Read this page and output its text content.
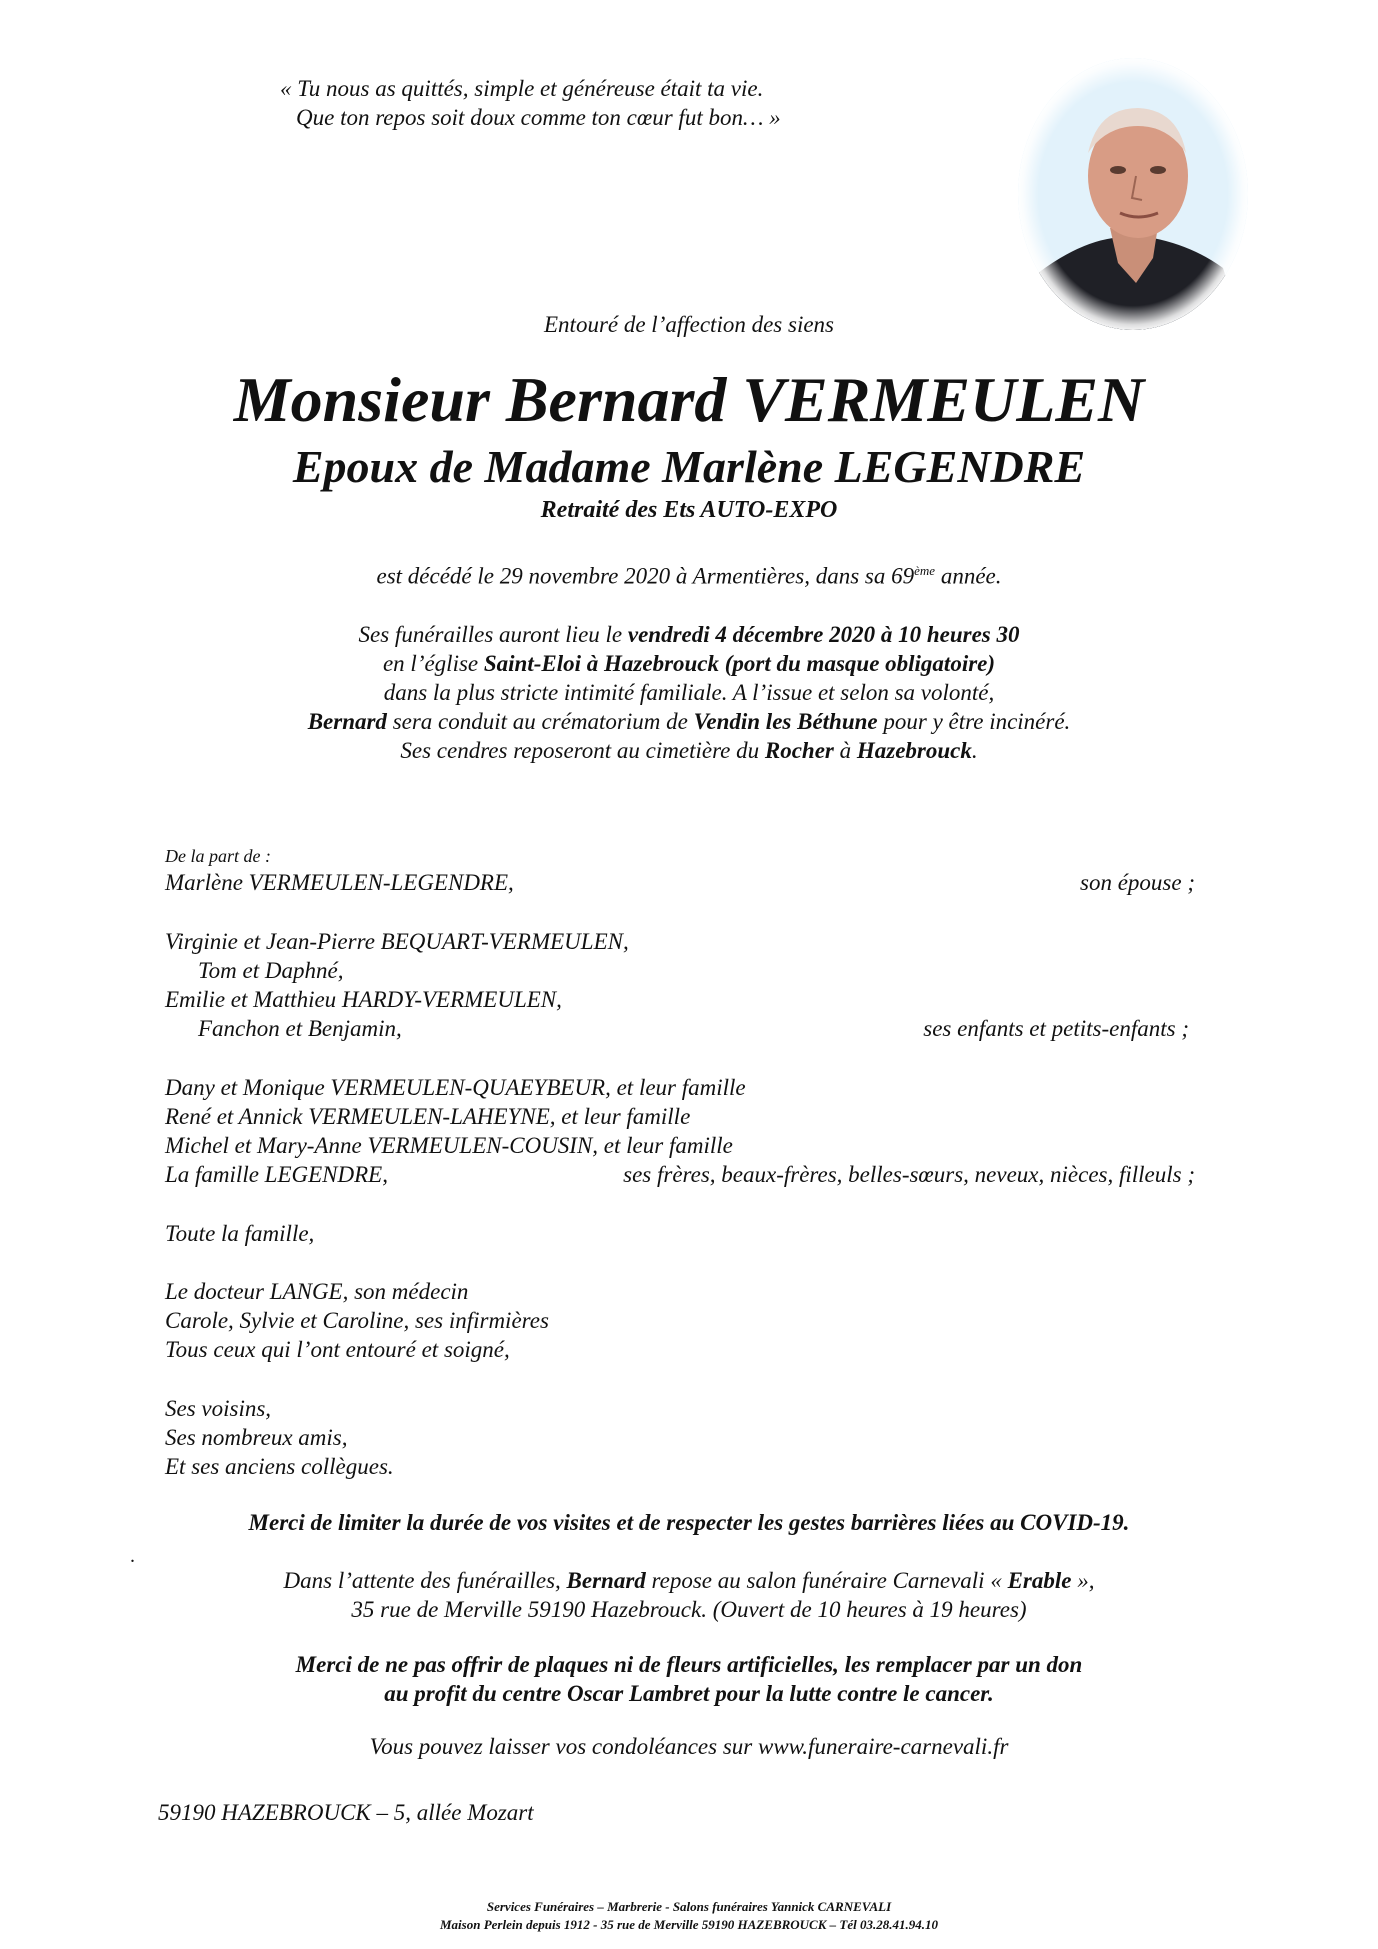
« Tu nous as quittés, simple et généreuse était ta vie.
Que ton repos soit doux comme ton cœur fut bon… »
Entouré de l’affection des siens
Monsieur Bernard VERMEULEN
Epoux de Madame Marlène LEGENDRE
Retraité des Ets AUTO-EXPO
est décédé le 29 novembre 2020 à Armentières, dans sa 69ème année.
Ses funérailles auront lieu le vendredi 4 décembre 2020 à 10 heures 30
en l’église Saint-Eloi à Hazebrouck (port du masque obligatoire)
dans la plus stricte intimité familiale. A l’issue et selon sa volonté,
Bernard sera conduit au crématorium de Vendin les Béthune pour y être incinéré.
Ses cendres reposeront au cimetière du Rocher à Hazebrouck.
De la part de :
Marlène VERMEULEN-LEGENDRE,	son épouse ;
Virginie et Jean-Pierre BEQUART-VERMEULEN,
Tom et Daphné,
Emilie et Matthieu HARDY-VERMEULEN,
Fanchon et Benjamin,	ses enfants et petits-enfants ;
Dany et Monique VERMEULEN-QUAEYBEUR, et leur famille
René et Annick VERMEULEN-LAHEYNE, et leur famille
Michel et Mary-Anne VERMEULEN-COUSIN, et leur famille
La famille LEGENDRE,	ses frères, beaux-frères, belles-sœurs, neveux, nièces, filleuls ;
Toute la famille,
Le docteur LANGE, son médecin
Carole, Sylvie et Caroline, ses infirmières
Tous ceux qui l’ont entouré et soigné,
Ses voisins,
Ses nombreux amis,
Et ses anciens collègues.
Merci de limiter la durée de vos visites et de respecter les gestes barrières liées au COVID-19.
.
Dans l’attente des funérailles, Bernard repose au salon funéraire Carnevali « Erable »,
35 rue de Merville 59190 Hazebrouck. (Ouvert de 10 heures à 19 heures)
Merci de ne pas offrir de plaques ni de fleurs artificielles, les remplacer par un don
au profit du centre Oscar Lambret pour la lutte contre le cancer.
Vous pouvez laisser vos condoléances sur www.funeraire-carnevali.fr
59190 HAZEBROUCK – 5, allée Mozart
Services Funéraires – Marbrerie - Salons funéraires Yannick CARNEVALI
Maison Perlein depuis 1912 - 35 rue de Merville 59190 HAZEBROUCK – Tél 03.28.41.94.10
